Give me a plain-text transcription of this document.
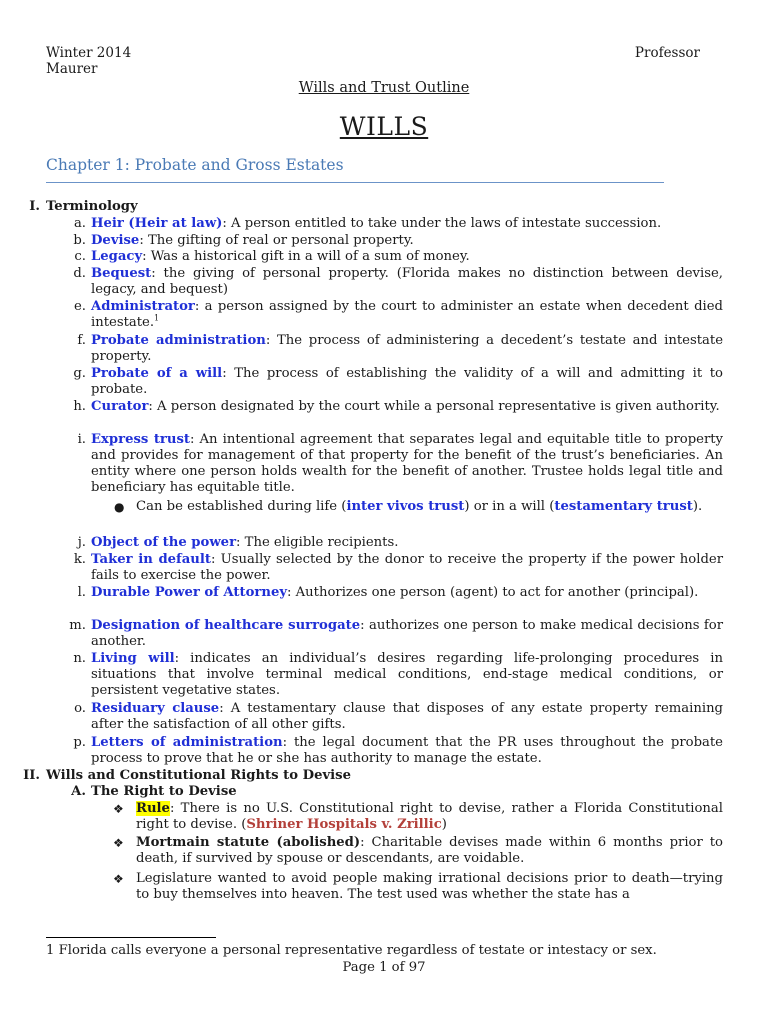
Winter 2014
Maurer
Professor
Wills and Trust Outline
WILLS
Chapter 1: Probate and Gross Estates
I. Terminology
a. Heir (Heir at law): A person entitled to take under the laws of intestate succession.
b. Devise: The gifting of real or personal property.
c. Legacy: Was a historical gift in a will of a sum of money.
d. Bequest: the giving of personal property. (Florida makes no distinction between devise, legacy, and bequest)
e. Administrator: a person assigned by the court to administer an estate when decedent died intestate.$^1$
f. Probate administration: The process of administering a decedent’s testate and intestate property.
g. Probate of a will: The process of establishing the validity of a will and admitting it to probate.
h. Curator: A person designated by the court while a personal representative is given authority.
i. Express trust: An intentional agreement that separates legal and equitable title to property and provides for management of that property for the benefit of the trust’s beneficiaries. An entity where one person holds wealth for the benefit of another. Trustee holds legal title and beneficiary has equitable title.
● Can be established during life (inter vivos trust) or in a will (testamentary trust).
j. Object of the power: The eligible recipients.
k. Taker in default: Usually selected by the donor to receive the property if the power holder fails to exercise the power.
l. Durable Power of Attorney: Authorizes one person (agent) to act for another (principal).
m. Designation of healthcare surrogate: authorizes one person to make medical decisions for another.
n. Living will: indicates an individual’s desires regarding life-prolonging procedures in situations that involve terminal medical conditions, end-stage medical conditions, or persistent vegetative states.
o. Residuary clause: A testamentary clause that disposes of any estate property remaining after the satisfaction of all other gifts.
p. Letters of administration: the legal document that the PR uses throughout the probate process to prove that he or she has authority to manage the estate.
II. Wills and Constitutional Rights to Devise
A. The Right to Devise
❖ Rule: There is no U.S. Constitutional right to devise, rather a Florida Constitutional right to devise. (Shriner Hospitals v. Zrillic)
❖ Mortmain statute (abolished): Charitable devises made within 6 months prior to death, if survived by spouse or descendants, are voidable.
❖ Legislature wanted to avoid people making irrational decisions prior to death—trying to buy themselves into heaven. The test used was whether the state has a
1 Florida calls everyone a personal representative regardless of testate or intestacy or sex.
Page 1 of 97
